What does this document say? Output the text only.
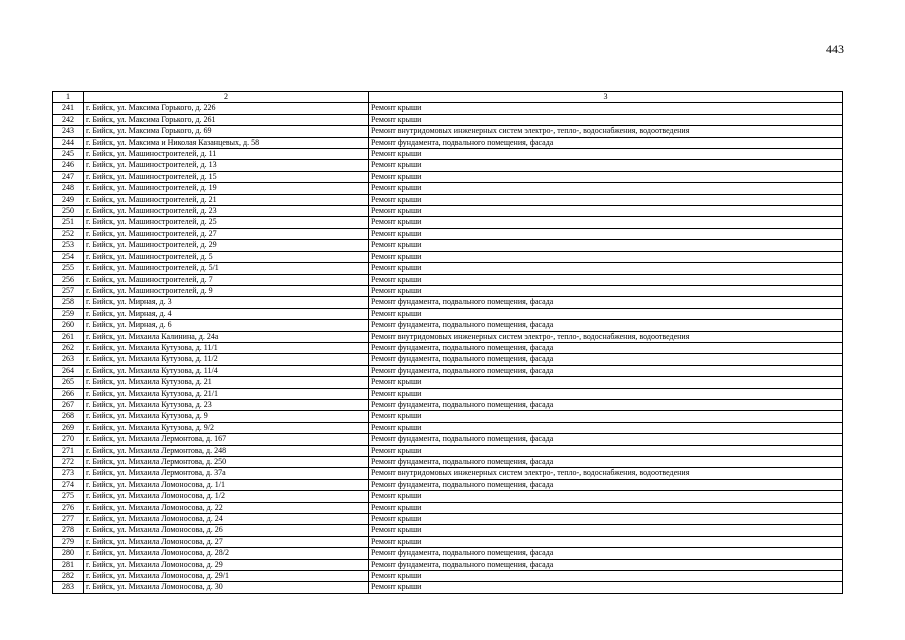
443
1	2	3
241	г. Бийск, ул. Максима Горького, д. 226	Ремонт крыши
242	г. Бийск, ул. Максима Горького, д. 261	Ремонт крыши
243	г. Бийск, ул. Максима Горького, д. 69	Ремонт внутридомовых инженерных систем электро-, тепло-, водоснабжения, водоотведения
244	г. Бийск, ул. Максима и Николая Казанцевых, д. 58	Ремонт фундамента, подвального помещения, фасада
245	г. Бийск, ул. Машиностроителей, д. 11	Ремонт крыши
246	г. Бийск, ул. Машиностроителей, д. 13	Ремонт крыши
247	г. Бийск, ул. Машиностроителей, д. 15	Ремонт крыши
248	г. Бийск, ул. Машиностроителей, д. 19	Ремонт крыши
249	г. Бийск, ул. Машиностроителей, д. 21	Ремонт крыши
250	г. Бийск, ул. Машиностроителей, д. 23	Ремонт крыши
251	г. Бийск, ул. Машиностроителей, д. 25	Ремонт крыши
252	г. Бийск, ул. Машиностроителей, д. 27	Ремонт крыши
253	г. Бийск, ул. Машиностроителей, д. 29	Ремонт крыши
254	г. Бийск, ул. Машиностроителей, д. 5	Ремонт крыши
255	г. Бийск, ул. Машиностроителей, д. 5/1	Ремонт крыши
256	г. Бийск, ул. Машиностроителей, д. 7	Ремонт крыши
257	г. Бийск, ул. Машиностроителей, д. 9	Ремонт крыши
258	г. Бийск, ул. Мирная, д. 3	Ремонт фундамента, подвального помещения, фасада
259	г. Бийск, ул. Мирная, д. 4	Ремонт крыши
260	г. Бийск, ул. Мирная, д. 6	Ремонт фундамента, подвального помещения, фасада
261	г. Бийск, ул. Михаила Калинина, д. 24а	Ремонт внутридомовых инженерных систем электро-, тепло-, водоснабжения, водоотведения
262	г. Бийск, ул. Михаила Кутузова, д. 11/1	Ремонт фундамента, подвального помещения, фасада
263	г. Бийск, ул. Михаила Кутузова, д. 11/2	Ремонт фундамента, подвального помещения, фасада
264	г. Бийск, ул. Михаила Кутузова, д. 11/4	Ремонт фундамента, подвального помещения, фасада
265	г. Бийск, ул. Михаила Кутузова, д. 21	Ремонт крыши
266	г. Бийск, ул. Михаила Кутузова, д. 21/1	Ремонт крыши
267	г. Бийск, ул. Михаила Кутузова, д. 23	Ремонт фундамента, подвального помещения, фасада
268	г. Бийск, ул. Михаила Кутузова, д. 9	Ремонт крыши
269	г. Бийск, ул. Михаила Кутузова, д. 9/2	Ремонт крыши
270	г. Бийск, ул. Михаила Лермонтова, д. 167	Ремонт фундамента, подвального помещения, фасада
271	г. Бийск, ул. Михаила Лермонтова, д. 248	Ремонт крыши
272	г. Бийск, ул. Михаила Лермонтова, д. 250	Ремонт фундамента, подвального помещения, фасада
273	г. Бийск, ул. Михаила Лермонтова, д. 37а	Ремонт внутридомовых инженерных систем электро-, тепло-, водоснабжения, водоотведения
274	г. Бийск, ул. Михаила Ломоносова, д. 1/1	Ремонт фундамента, подвального помещения, фасада
275	г. Бийск, ул. Михаила Ломоносова, д. 1/2	Ремонт крыши
276	г. Бийск, ул. Михаила Ломоносова, д. 22	Ремонт крыши
277	г. Бийск, ул. Михаила Ломоносова, д. 24	Ремонт крыши
278	г. Бийск, ул. Михаила Ломоносова, д. 26	Ремонт крыши
279	г. Бийск, ул. Михаила Ломоносова, д. 27	Ремонт крыши
280	г. Бийск, ул. Михаила Ломоносова, д. 28/2	Ремонт фундамента, подвального помещения, фасада
281	г. Бийск, ул. Михаила Ломоносова, д. 29	Ремонт фундамента, подвального помещения, фасада
282	г. Бийск, ул. Михаила Ломоносова, д. 29/1	Ремонт крыши
283	г. Бийск, ул. Михаила Ломоносова, д. 30	Ремонт крыши
